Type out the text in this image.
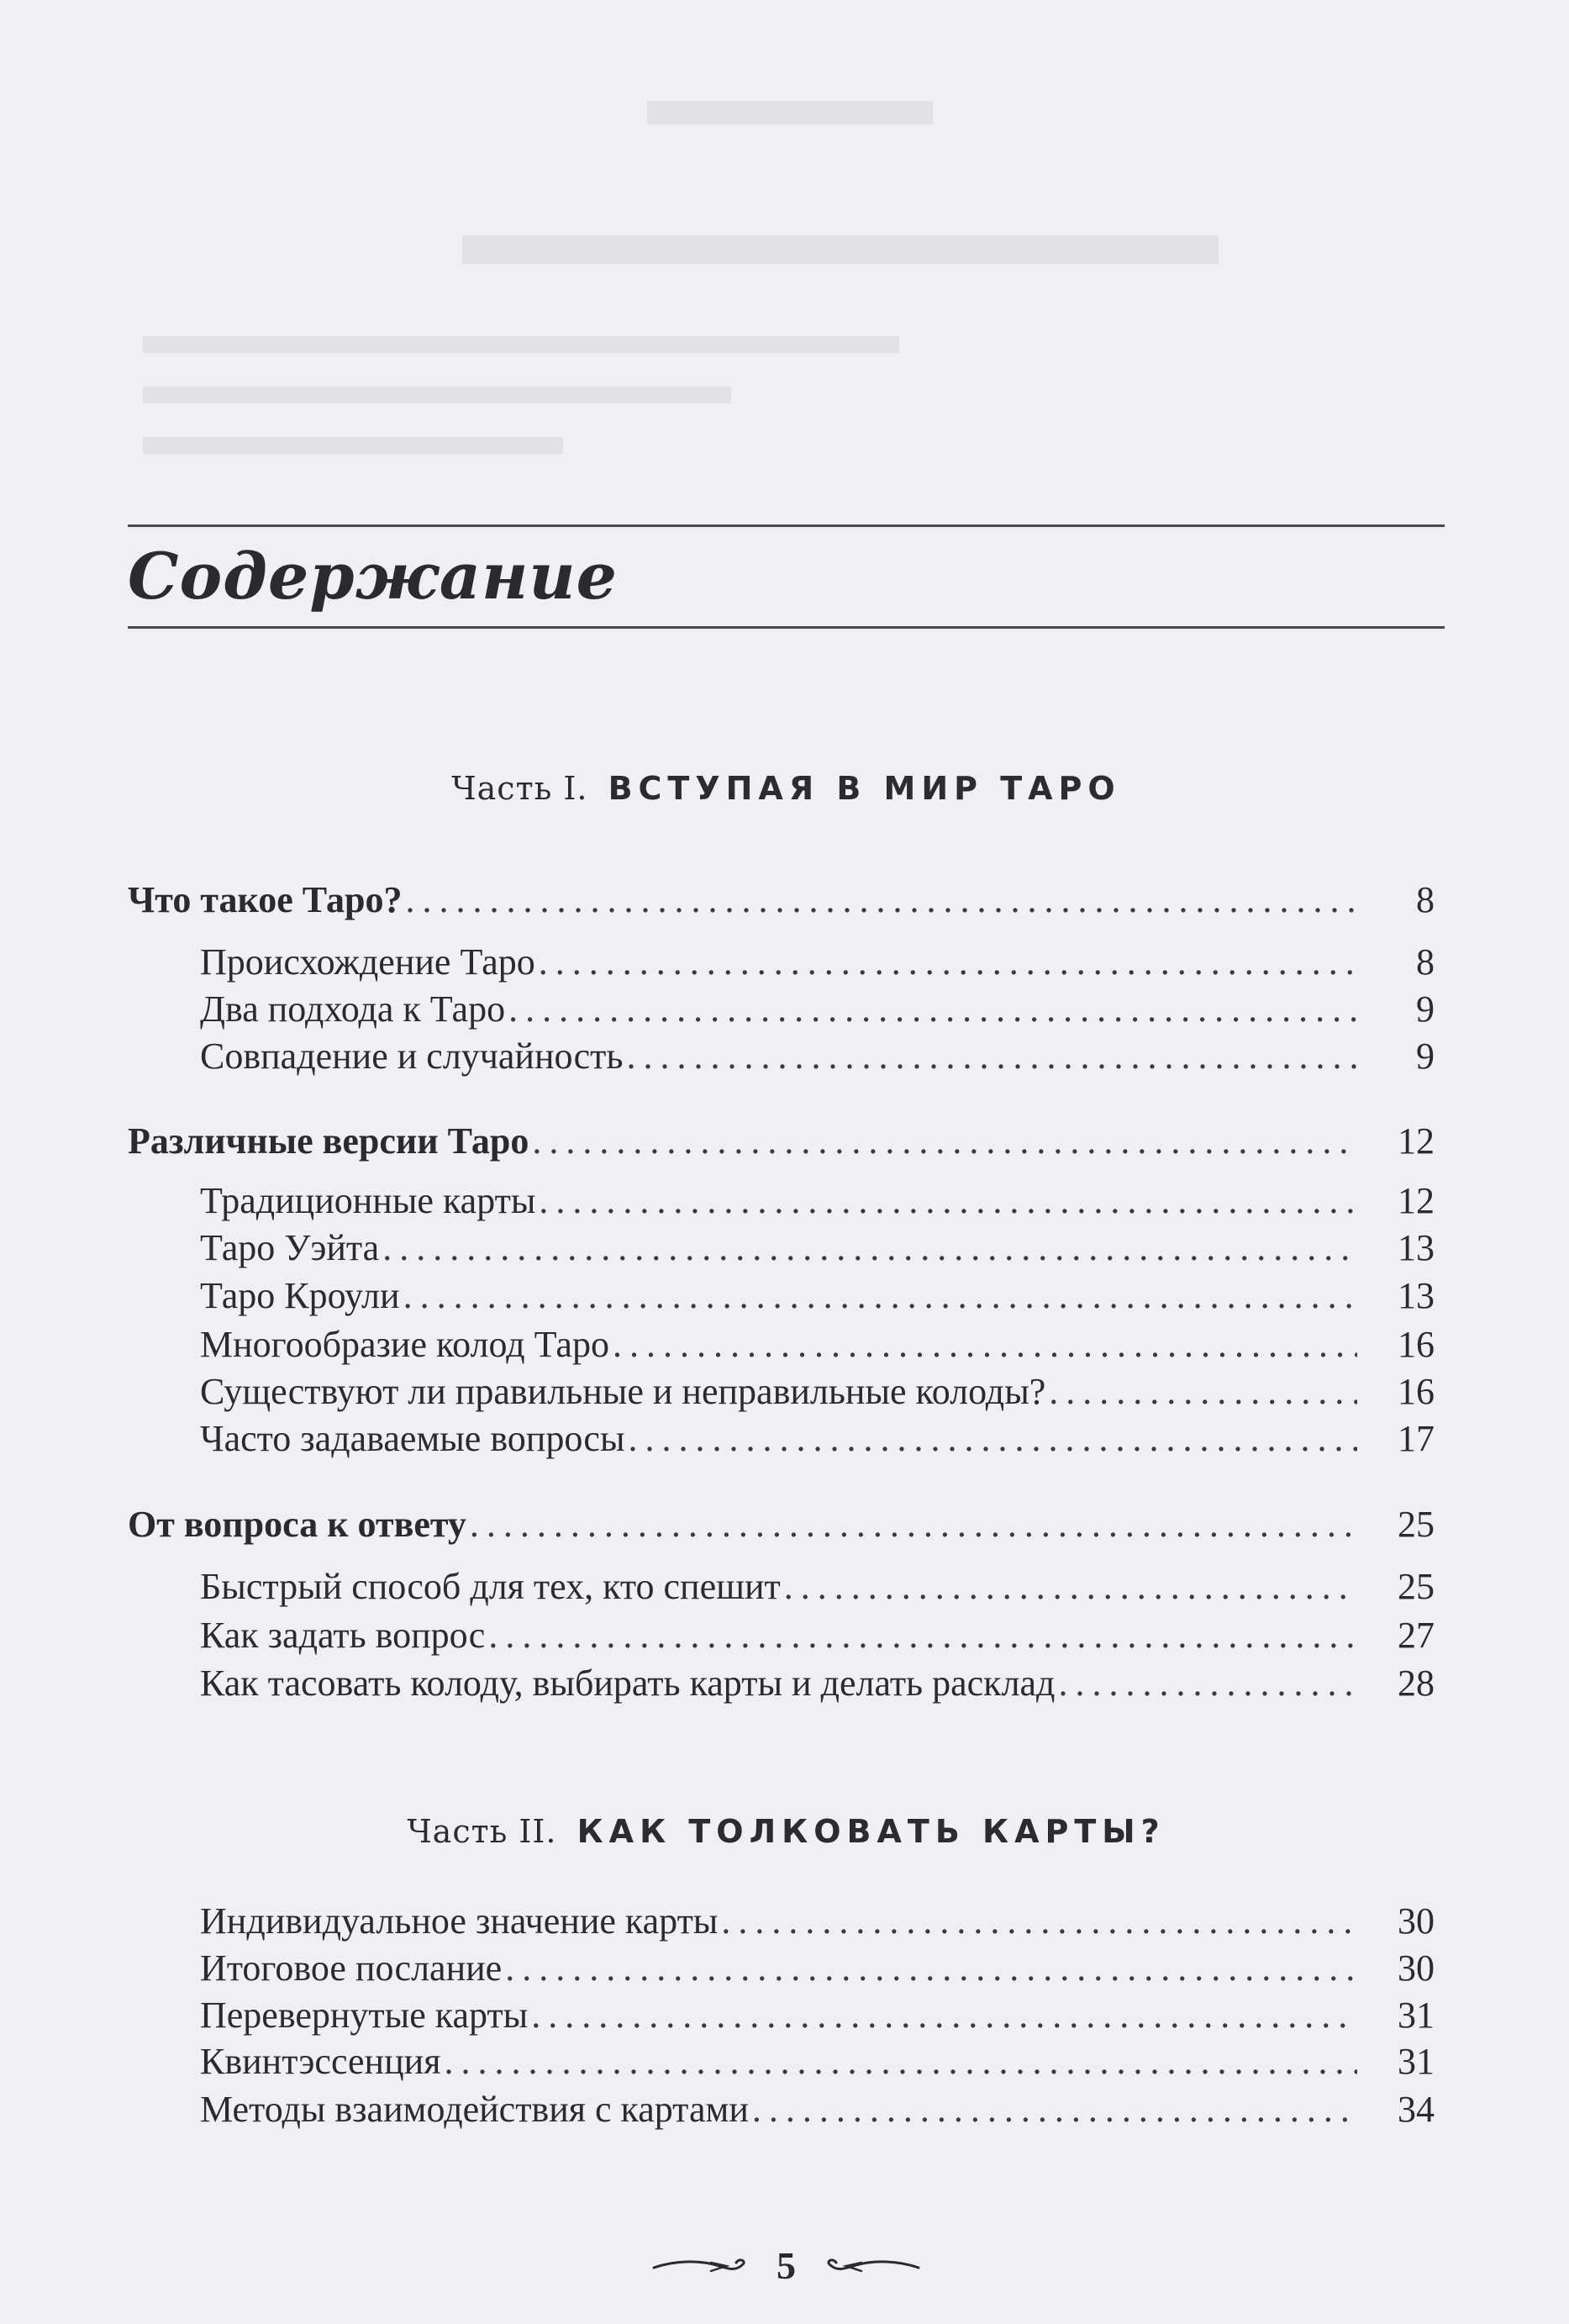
Содержание
Часть I. ВСТУПАЯ В МИР ТАРО
Что такое Таро? .....	8
Происхождение Таро .....	8
Два подхода к Таро .....	9
Совпадение и случайность .....	9
Различные версии Таро .....	12
Традиционные карты .....	12
Таро Уэйта .....	13
Таро Кроули .....	13
Многообразие колод Таро .....	16
Существуют ли правильные и неправильные колоды? .....	16
Часто задаваемые вопросы .....	17
От вопроса к ответу .....	25
Быстрый способ для тех, кто спешит .....	25
Как задать вопрос .....	27
Как тасовать колоду, выбирать карты и делать расклад .....	28
Часть II. КАК ТОЛКОВАТЬ КАРТЫ?
Индивидуальное значение карты .....	30
Итоговое послание .....	30
Перевернутые карты .....	31
Квинтэссенция .....	31
Методы взаимодействия с картами .....	34
5
